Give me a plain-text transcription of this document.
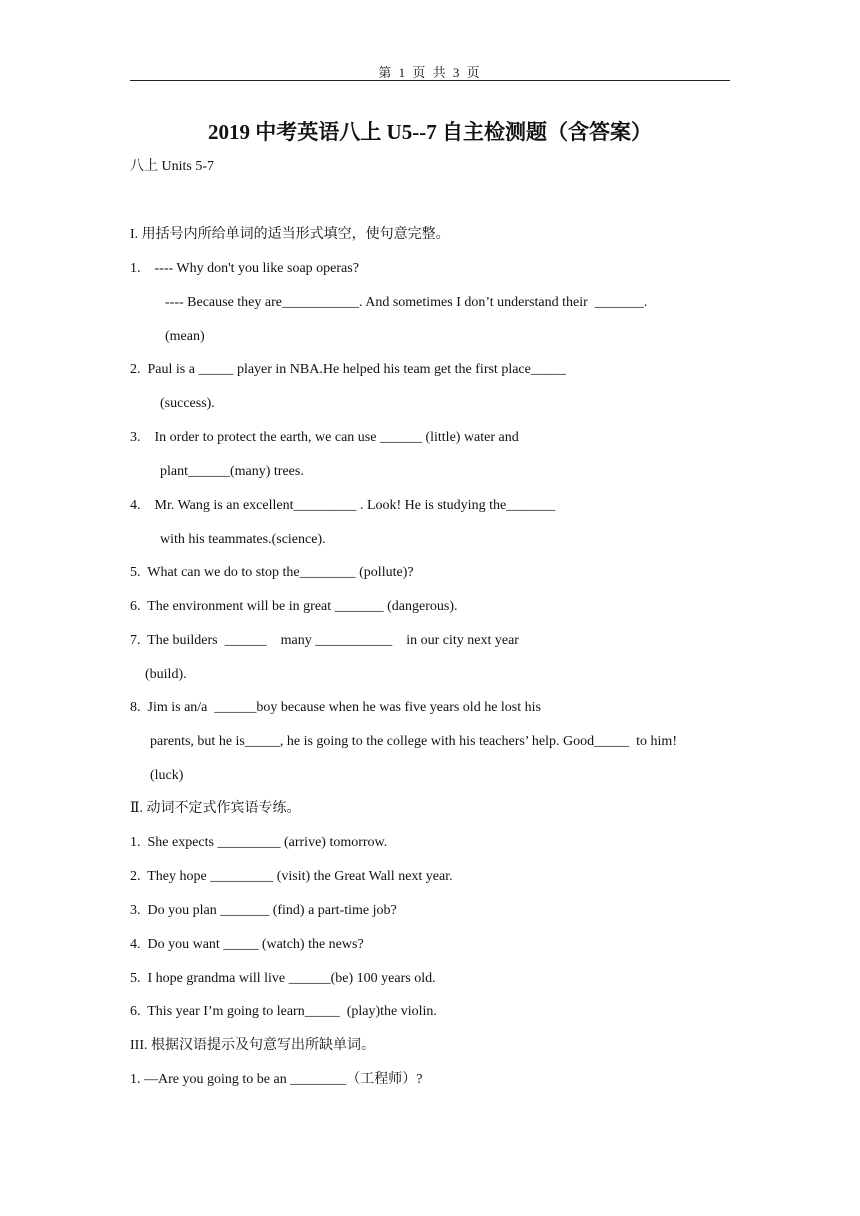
第 1 页 共 3 页
2019 中考英语八上 U5--7 自主检测题（含答案）
八上 Units 5-7
I. 用括号内所给单词的适当形式填空，使句意完整。
1.    ---- Why don't you like soap operas?
---- Because they are___________. And sometimes I don’t understand their  _______.
(mean)
2.  Paul is a _____ player in NBA.He helped his team get the first place_____
(success).
3.    In order to protect the earth, we can use ______ (little) water and
plant______(many) trees.
4.    Mr. Wang is an excellent_________ . Look! He is studying the_______
with his teammates.(science).
5.  What can we do to stop the________ (pollute)?
6.  The environment will be in great _______ (dangerous).
7.  The builders  ______    many ___________    in our city next year
(build).
8.  Jim is an/a  ______boy because when he was five years old he lost his
parents, but he is_____, he is going to the college with his teachers’ help. Good_____  to him!
(luck)
Ⅱ. 动词不定式作宾语专练。
1.  She expects _________ (arrive) tomorrow.
2.  They hope _________ (visit) the Great Wall next year.
3.  Do you plan _______ (find) a part-time job?
4.  Do you want _____ (watch) the news?
5.  I hope grandma will live ______(be) 100 years old.
6.  This year I’m going to learn_____  (play)the violin.
III. 根据汉语提示及句意写出所缺单词。
1. —Are you going to be an ________（工程师）?
